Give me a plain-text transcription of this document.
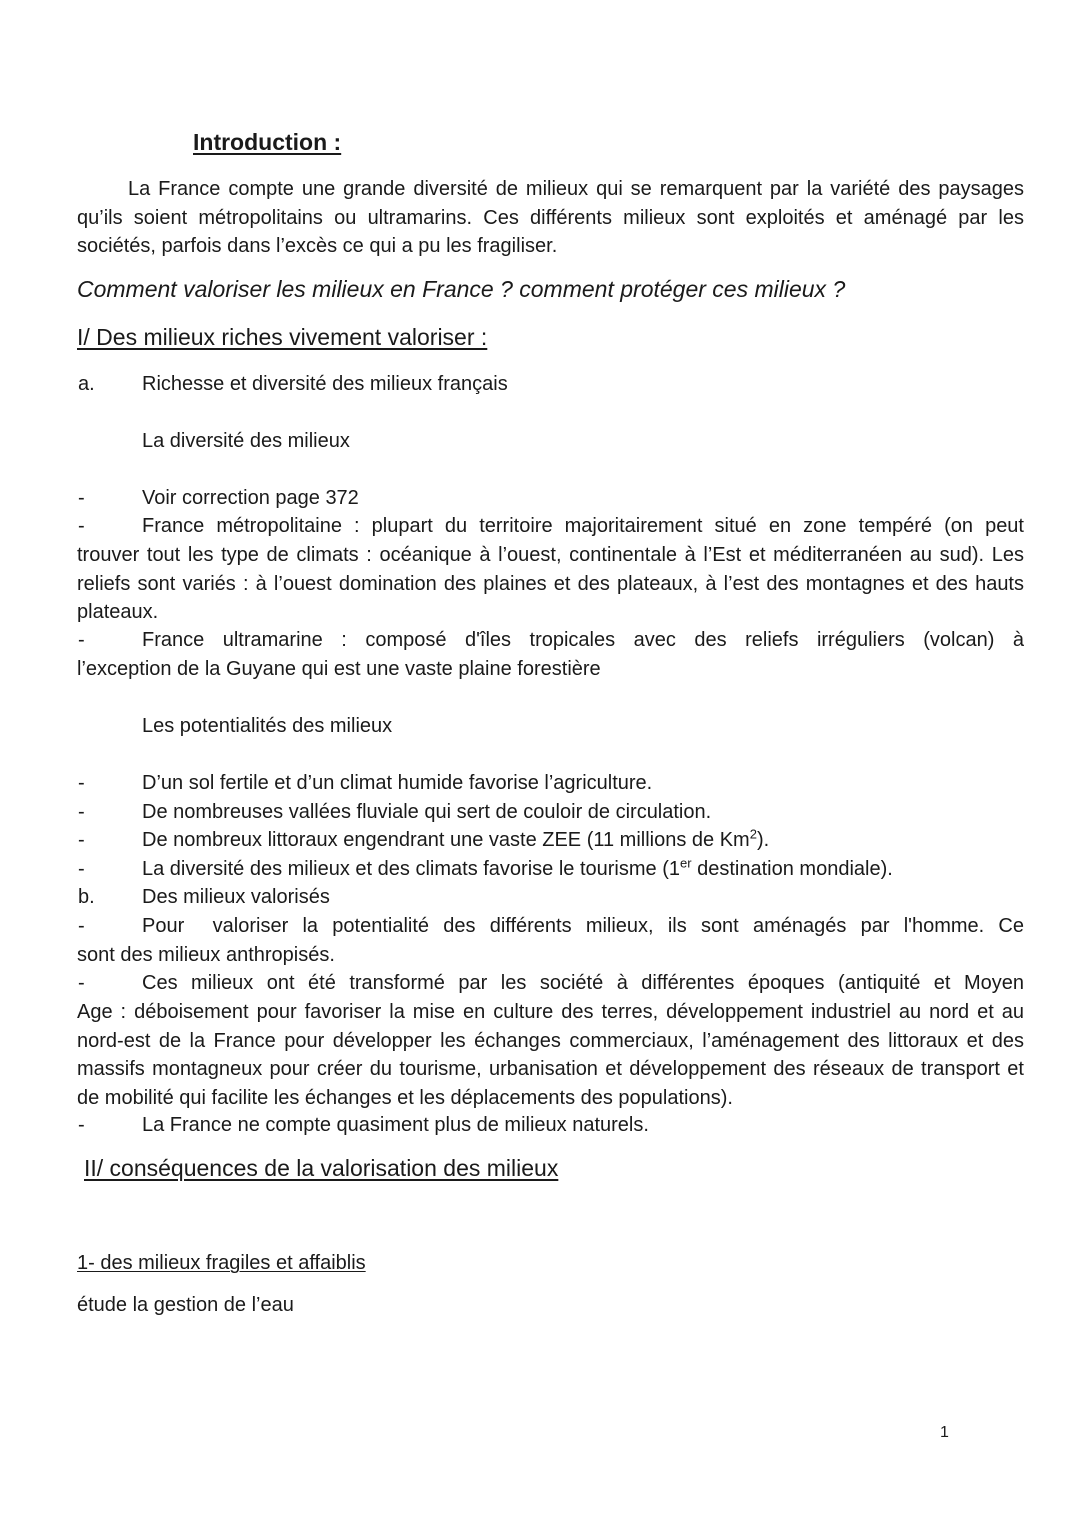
Introduction :
La France compte une grande diversité de milieux qui se remarquent par la variété des paysages qu’ils soient métropolitains ou ultramarins. Ces différents milieux sont exploités et aménagé par les sociétés, parfois dans l’excès ce qui a pu les fragiliser.
Comment valoriser les milieux en France ? comment protéger ces milieux ?
I/ Des milieux riches vivement valoriser :
a.	Richesse et diversité des milieux français
La diversité des milieux
-	Voir correction page 372
-	France métropolitaine : plupart du territoire majoritairement situé en zone tempéré (on peut
trouver tout les type de climats : océanique à l’ouest, continentale à l’Est et méditerranéen au sud). Les reliefs sont variés : à l’ouest domination des plaines et des plateaux, à l’est des montagnes et des hauts plateaux.
-	France ultramarine : composé d'îles tropicales avec des reliefs irréguliers (volcan) à
l’exception de la Guyane qui est une vaste plaine forestière
Les potentialités des milieux
-	D’un sol fertile et d’un climat humide favorise l’agriculture.
-	De nombreuses vallées fluviale qui sert de couloir de circulation.
-	De nombreux littoraux engendrant une vaste ZEE (11 millions de Km$^2$).
-	La diversité des milieux et des climats favorise le tourisme (1er destination mondiale).
b.	Des milieux valorisés
-	Pour  valoriser la potentialité des différents milieux, ils sont aménagés par l'homme. Ce
sont des milieux anthropisés.
-	Ces milieux ont été transformé par les société à différentes époques (antiquité et Moyen
Age : déboisement pour favoriser la mise en culture des terres, développement industriel au nord et au nord-est de la France pour développer les échanges commerciaux, l’aménagement des littoraux et des massifs montagneux pour créer du tourisme, urbanisation et développement des réseaux de transport et de mobilité qui facilite les échanges et les déplacements des populations).
-	La France ne compte quasiment plus de milieux naturels.
II/ conséquences de la valorisation des milieux
1- des milieux fragiles et affaiblis
étude la gestion de l’eau
1
